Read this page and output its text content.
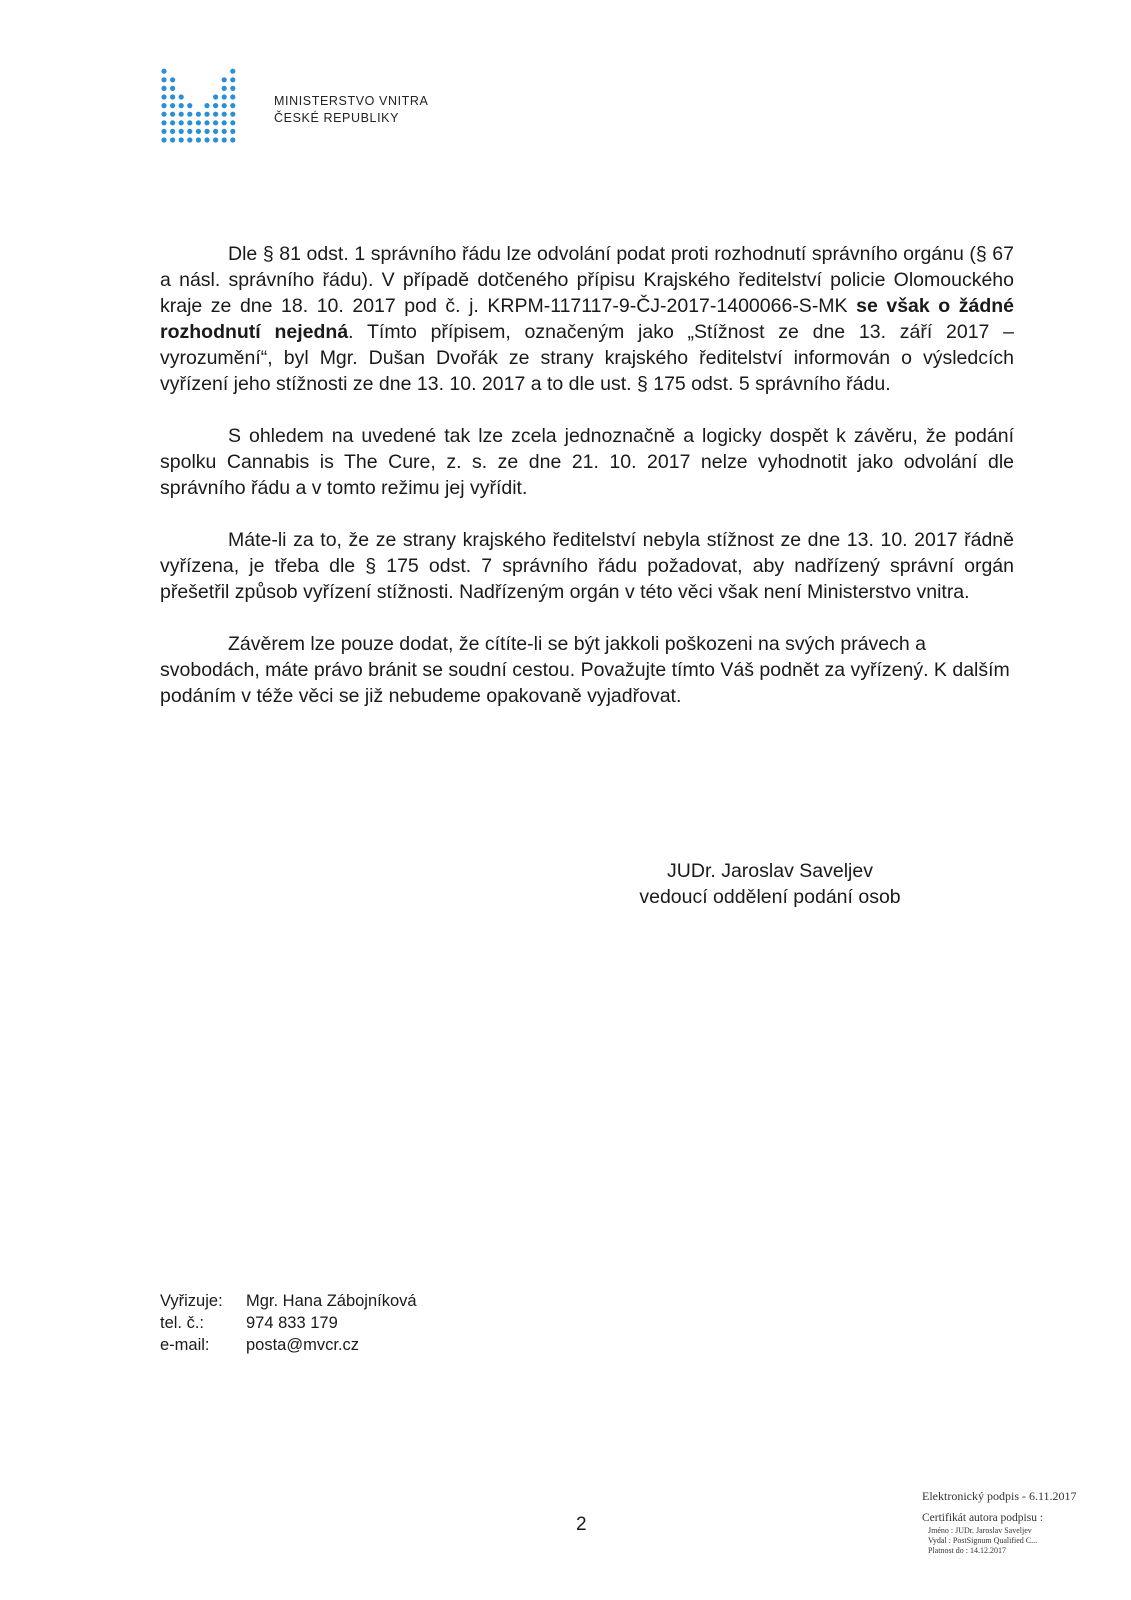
MINISTERSTVO VNITRA
ČESKÉ REPUBLIKY

Dle § 81 odst. 1 správního řádu lze odvolání podat proti rozhodnutí správního orgánu (§ 67 a násl. správního řádu). V případě dotčeného přípisu Krajského ředitelství policie Olomouckého kraje ze dne 18. 10. 2017 pod č. j. KRPM-117117-9-ČJ-2017-1400066-S-MK se však o žádné rozhodnutí nejedná. Tímto přípisem, označeným jako „Stížnost ze dne 13. září 2017 – vyrozumění“, byl Mgr. Dušan Dvořák ze strany krajského ředitelství informován o výsledcích vyřízení jeho stížnosti ze dne 13. 10. 2017 a to dle ust. § 175 odst. 5 správního řádu.

S ohledem na uvedené tak lze zcela jednoznačně a logicky dospět k závěru, že podání spolku Cannabis is The Cure, z. s. ze dne 21. 10. 2017 nelze vyhodnotit jako odvolání dle správního řádu a v tomto režimu jej vyřídit.

Máte-li za to, že ze strany krajského ředitelství nebyla stížnost ze dne 13. 10. 2017 řádně vyřízena, je třeba dle § 175 odst. 7 správního řádu požadovat, aby nadřízený správní orgán přešetřil způsob vyřízení stížnosti. Nadřízeným orgán v této věci však není Ministerstvo vnitra.

Závěrem lze pouze dodat, že cítíte-li se být jakkoli poškozeni na svých právech a svobodách, máte právo bránit se soudní cestou. Považujte tímto Váš podnět za vyřízený. K dalším podáním v téže věci se již nebudeme opakovaně vyjadřovat.

JUDr. Jaroslav Saveljev
vedoucí oddělení podání osob
Vyřizuje:	Mgr. Hana Zábojníková
tel. č.:	974 833 179
e-mail:	posta@mvcr.cz
2
Elektronický podpis - 6.11.2017
Certifikát autora podpisu :
Jméno : JUDr. Jaroslav Saveljev
Vydal : PostSignum Qualified C...
Platnost do : 14.12.2017
